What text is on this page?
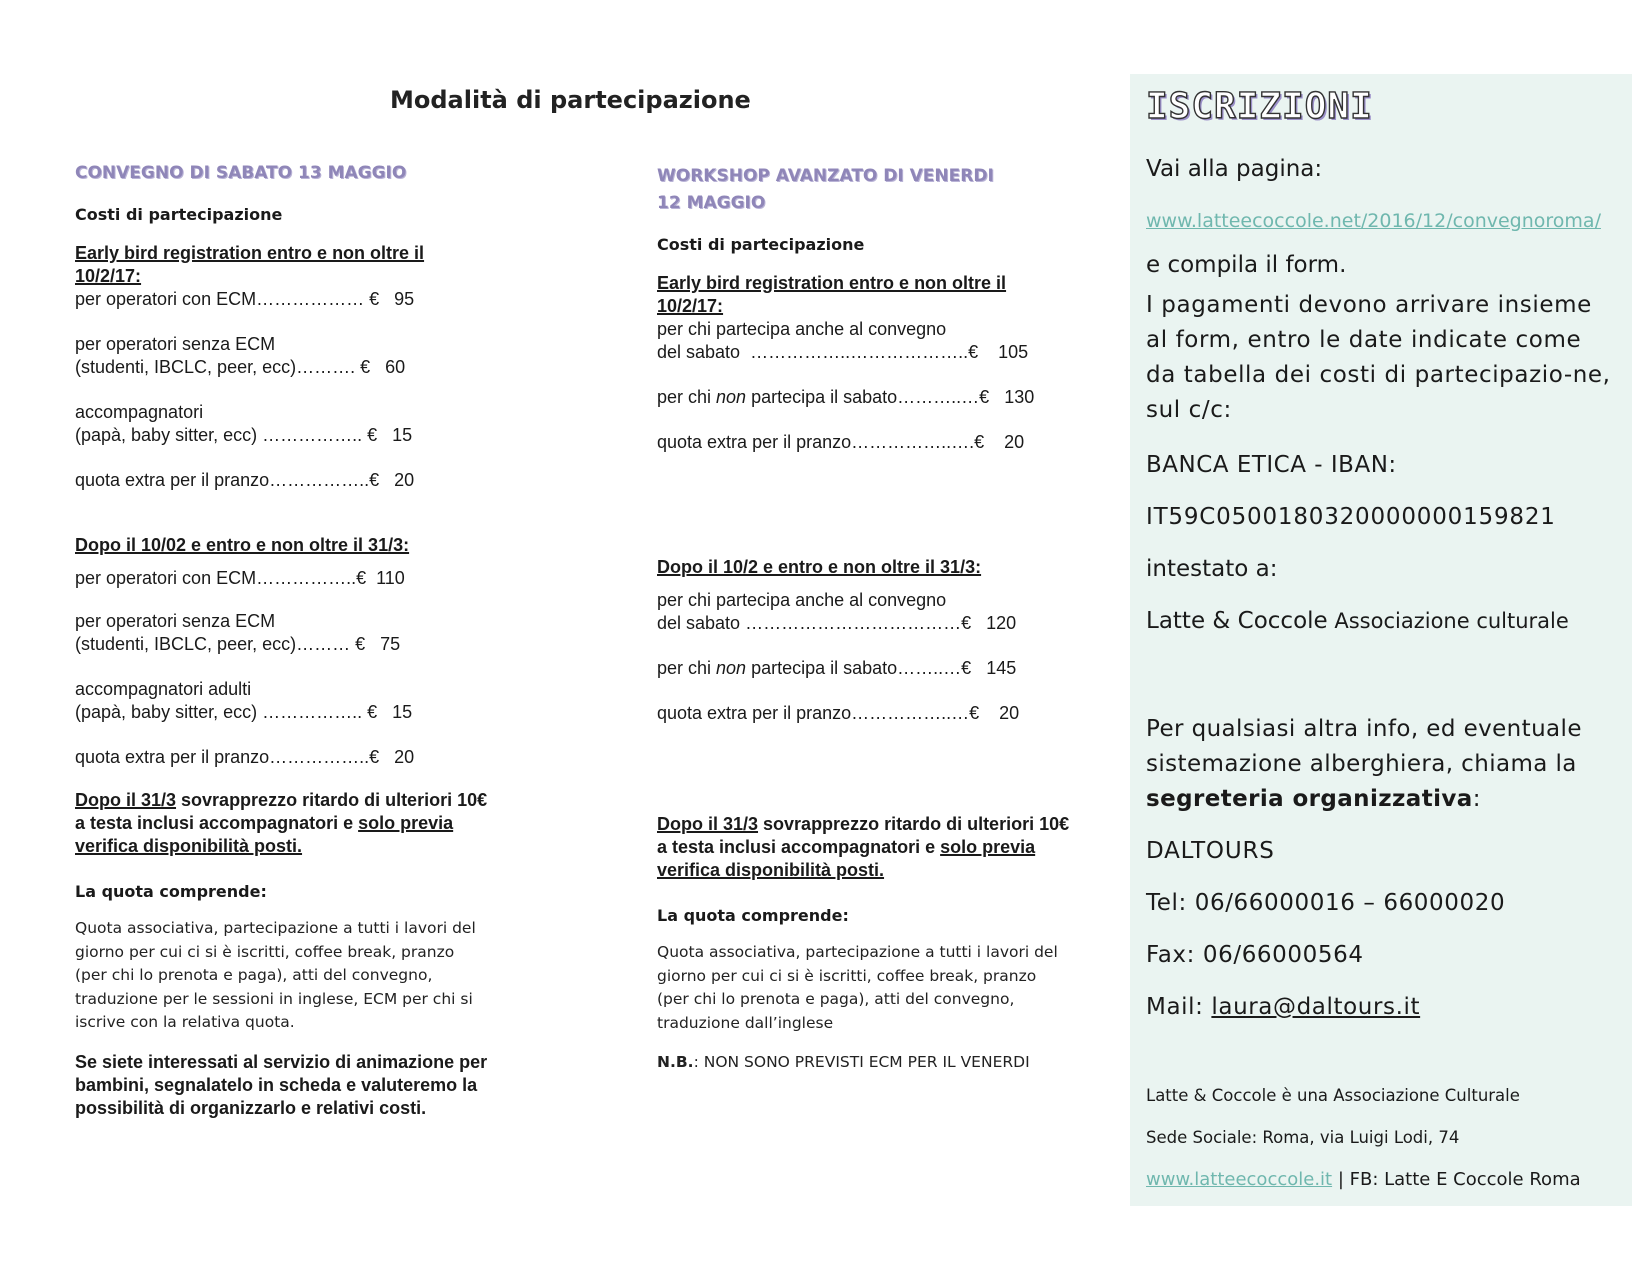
Modalità di partecipazione

CONVEGNO DI SABATO 13 MAGGIO

Costi di partecipazione

Early bird registration entro e non oltre il 10/2/17:

per operatori con ECM……………… € 95

per operatori senza ECM

(studenti, IBCLC, peer, ecc)………. € 60

accompagnatori

(papà, baby sitter, ecc) …………….. € 15

quota extra per il pranzo……………..€ 20

Dopo il 10/02 e entro e non oltre il 31/3:

per operatori con ECM……………..€ 110

per operatori senza ECM

(studenti, IBCLC, peer, ecc)……… € 75

accompagnatori adulti

(papà, baby sitter, ecc) …………….. € 15

quota extra per il pranzo……………..€ 20

Dopo il 31/3 sovrapprezzo ritardo di ulteriori 10€ a testa inclusi accompagnatori e solo previa verifica disponibilità posti.

La quota comprende:

Quota associativa, partecipazione a tutti i lavori del giorno per cui ci si è iscritti, coffee break, pranzo (per chi lo prenota e paga), atti del convegno, traduzione per le sessioni in inglese, ECM per chi si iscrive con la relativa quota.

Se siete interessati al servizio di animazione per bambini, segnalatelo in scheda e valuteremo la possibilità di organizzarlo e relativi costi.

WORKSHOP AVANZATO DI VENERDI 12 MAGGIO

Costi di partecipazione

Early bird registration entro e non oltre il 10/2/17:

per chi partecipa anche al convegno

del sabato  ……………..………………..€ 105

per chi non partecipa il sabato………..…€ 130

quota extra per il pranzo……………..….€ 20

Dopo il 10/2 e entro e non oltre il 31/3:

per chi partecipa anche al convegno

del sabato ………………………………€ 120

per chi non partecipa il sabato……..…€ 145

quota extra per il pranzo……………..…€ 20

Dopo il 31/3 sovrapprezzo ritardo di ulteriori 10€ a testa inclusi accompagnatori e solo previa verifica disponibilità posti.

La quota comprende:

Quota associativa, partecipazione a tutti i lavori del giorno per cui ci si è iscritti, coffee break, pranzo (per chi lo prenota e paga), atti del convegno, traduzione dall’inglese

N.B.: NON SONO PREVISTI ECM PER IL VENERDI

ISCRIZIONI
Vai alla pagina:
www.latteecoccole.net/2016/12/convegnoroma/
e compila il form.
I pagamenti devono arrivare insieme al form, entro le date indicate come da tabella dei costi di partecipazio-ne, sul c/c:
BANCA ETICA - IBAN:
IT59C0500180320000000159821
intestato a:
Latte & Coccole Associazione culturale
Per qualsiasi altra info, ed eventuale sistemazione alberghiera, chiama la segreteria organizzativa:
DALTOURS
Tel: 06/66000016 – 66000020
Fax: 06/66000564
Mail: laura@daltours.it
Latte & Coccole è una Associazione Culturale
Sede Sociale: Roma, via Luigi Lodi, 74
www.latteecoccole.it | FB: Latte E Coccole Roma
